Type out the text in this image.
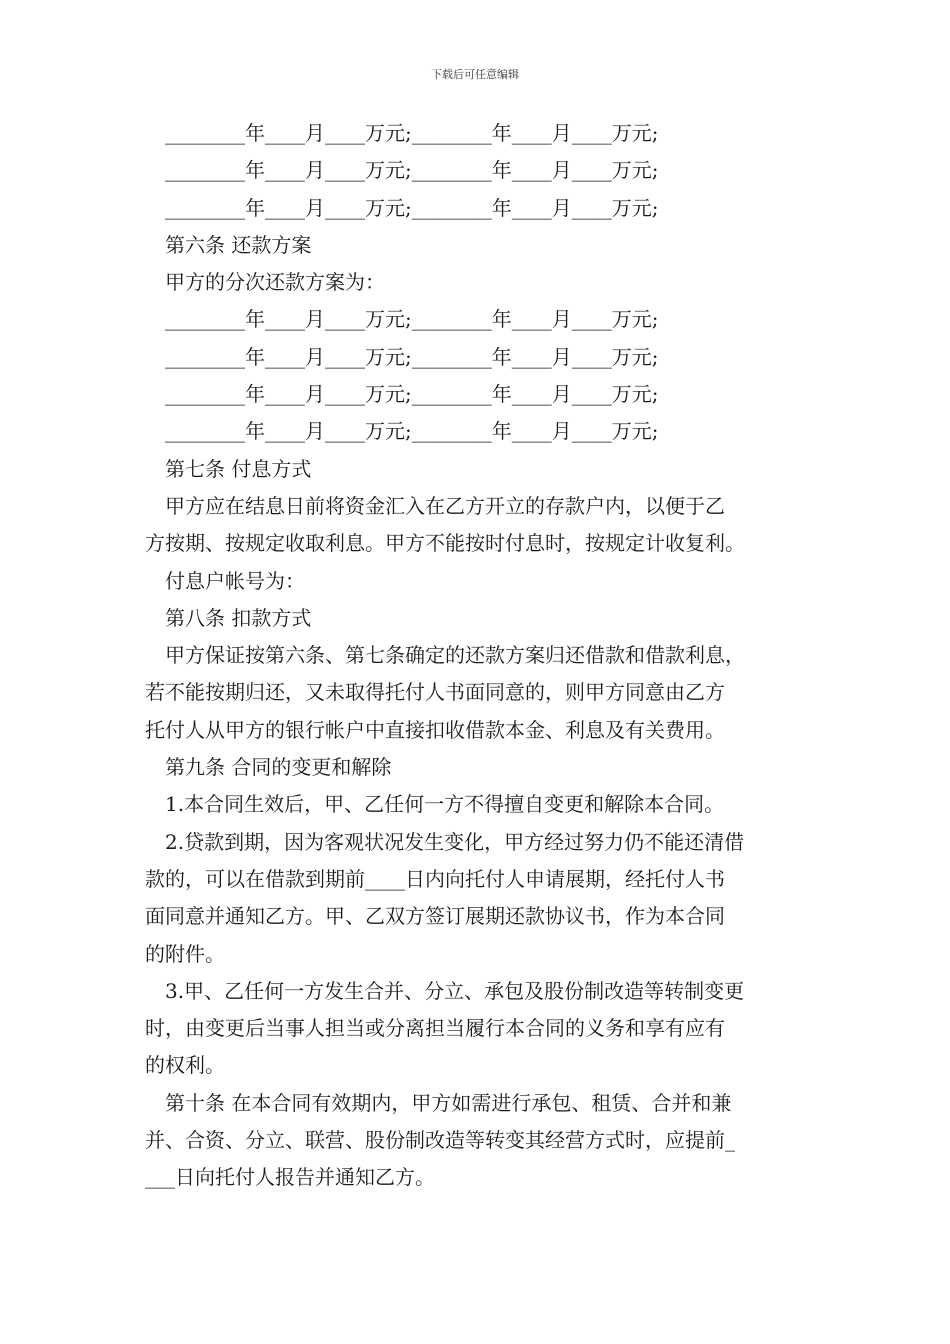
下载后可任意编辑

________年____月____万元;________年____月____万元;

________年____月____万元;________年____月____万元;

________年____月____万元;________年____月____万元;

第六条 还款方案

甲方的分次还款方案为：

________年____月____万元;________年____月____万元;

________年____月____万元;________年____月____万元;

________年____月____万元;________年____月____万元;

________年____月____万元;________年____月____万元;

第七条 付息方式

甲方应在结息日前将资金汇入在乙方开立的存款户内，以便于乙

方按期、按规定收取利息。甲方不能按时付息时，按规定计收复利。

付息户帐号为：

第八条 扣款方式

甲方保证按第六条、第七条确定的还款方案归还借款和借款利息，

若不能按期归还，又未取得托付人书面同意的，则甲方同意由乙方

托付人从甲方的银行帐户中直接扣收借款本金、利息及有关费用。

第九条 合同的变更和解除

1.本合同生效后，甲、乙任何一方不得擅自变更和解除本合同。

2.贷款到期，因为客观状况发生变化，甲方经过努力仍不能还清借

款的，可以在借款到期前____日内向托付人申请展期，经托付人书

面同意并通知乙方。甲、乙双方签订展期还款协议书，作为本合同

的附件。

3.甲、乙任何一方发生合并、分立、承包及股份制改造等转制变更

时，由变更后当事人担当或分离担当履行本合同的义务和享有应有

的权利。

第十条 在本合同有效期内，甲方如需进行承包、租赁、合并和兼

并、合资、分立、联营、股份制改造等转变其经营方式时，应提前_

___日向托付人报告并通知乙方。
